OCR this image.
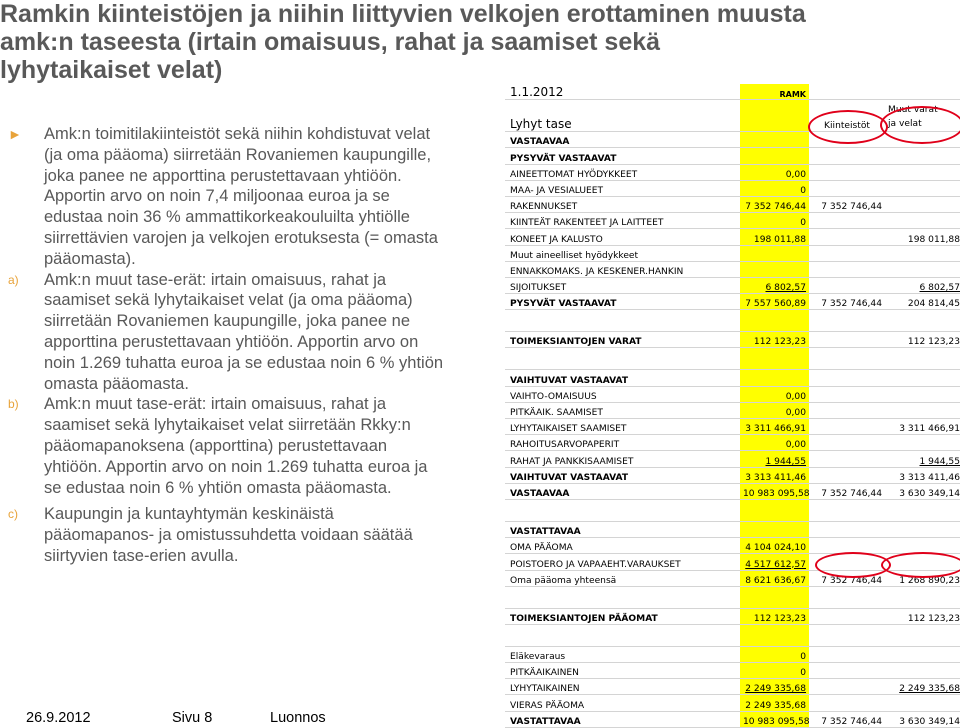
Ramkin kiinteistöjen ja niihin liittyvien velkojen erottaminen muusta
amk:n taseesta (irtain omaisuus, rahat ja saamiset sekä
lyhytaikaiset velat)
► Amk:n toimitilakiinteistöt sekä niihin kohdistuvat velat
(ja oma pääoma) siirretään Rovaniemen kaupungille,
joka panee ne apporttina perustettavaan yhtiöön.
Apportin arvo on noin 7,4 miljoonaa euroa ja se
edustaa noin 36 % ammattikorkeakouluilta yhtiölle
siirrettävien varojen ja velkojen erotuksesta (= omasta
pääomasta).
a) Amk:n muut tase-erät: irtain omaisuus, rahat ja
saamiset sekä lyhytaikaiset velat (ja oma pääoma)
siirretään Rovaniemen kaupungille, joka panee ne
apporttina perustettavaan yhtiöön. Apportin arvo on
noin 1.269 tuhatta euroa ja se edustaa noin 6 % yhtiön
omasta pääomasta.
b) Amk:n muut tase-erät: irtain omaisuus, rahat ja
saamiset sekä lyhytaikaiset velat siirretään Rkky:n
pääomapanoksena (apporttina) perustettavaan
yhtiöön. Apportin arvo on noin 1.269 tuhatta euroa ja
se edustaa noin 6 % yhtiön omasta pääomasta.
c) Kaupungin ja kuntayhtymän keskinäistä
pääomapanos- ja omistussuhdetta voidaan säätää
siirtyvien tase-erien avulla.
26.9.2012	Sivu 8	Luonnos
1.1.2012	RAMK		
Lyhyt tase		Kiinteistöt	Muut varat
ja velat

VASTAAVAA			
PYSYVÄT VASTAAVAT			
AINEETTOMAT HYÖDYKKEET	0,00		
MAA- JA VESIALUEET	0		
RAKENNUKSET	7 352 746,44	7 352 746,44	
KIINTEÄT RAKENTEET JA LAITTEET	0		
KONEET JA KALUSTO	198 011,88		198 011,88
Muut aineelliset hyödykkeet			
ENNAKKOMAKS. JA KESKENER.HANKIN			
SIJOITUKSET	6 802,57		6 802,57
PYSYVÄT VASTAAVAT	7 557 560,89	7 352 746,44	204 814,45

TOIMEKSIANTOJEN VARAT	112 123,23		112 123,23

VAIHTUVAT VASTAAVAT			
VAIHTO-OMAISUUS	0,00		
PITKÄAIK. SAAMISET	0,00		
LYHYTAIKAISET SAAMISET	3 311 466,91		3 311 466,91
RAHOITUSARVOPAPERIT	0,00		
RAHAT JA PANKKISAAMISET	1 944,55		1 944,55
VAIHTUVAT VASTAAVAT	3 313 411,46		3 313 411,46
VASTAAVAA	10 983 095,58	7 352 746,44	3 630 349,14

VASTATTAVAA			
OMA PÄÄOMA	4 104 024,10		
POISTOERO JA VAPAAEHT.VARAUKSET	4 517 612,57		
Oma pääoma yhteensä	8 621 636,67	7 352 746,44	1 268 890,23

TOIMEKSIANTOJEN PÄÄOMAT	112 123,23		112 123,23

Eläkevaraus	0		
PITKÄAIKAINEN	0		
LYHYTAIKAINEN	2 249 335,68		2 249 335,68
VIERAS PÄÄOMA	2 249 335,68		
VASTATTAVAA	10 983 095,58	7 352 746,44	3 630 349,14
